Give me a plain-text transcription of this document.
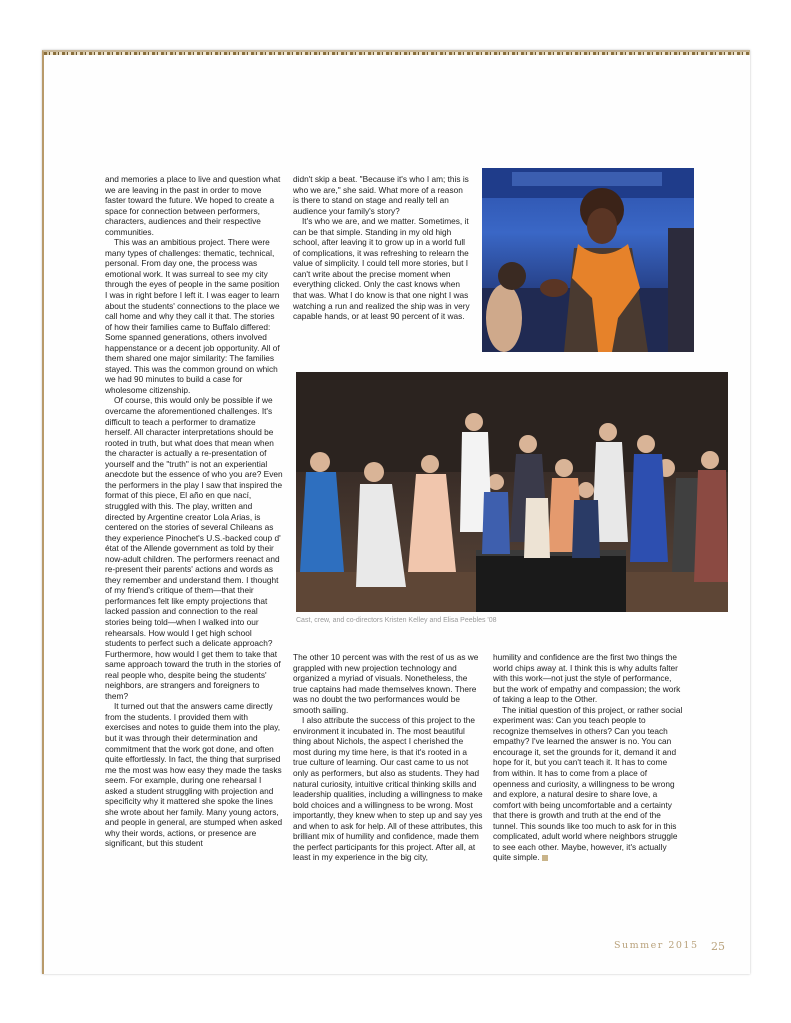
and memories a place to live and question what we are leaving in the past in order to move faster toward the future. We hoped to create a space for connection between performers, characters, audiences and their respective communities.

This was an ambitious project. There were many types of challenges: thematic, technical, personal. From day one, the process was emotional work. It was surreal to see my city through the eyes of people in the same position I was in right before I left it. I was eager to learn about the students' connections to the place we call home and why they call it that. The stories of how their families came to Buffalo differed: Some spanned generations, others involved happenstance or a decent job opportunity. All of them shared one major similarity: The families stayed. This was the common ground on which we had 90 minutes to build a case for wholesome citizenship.

Of course, this would only be possible if we overcame the aforementioned challenges. It's difficult to teach a performer to dramatize herself. All character interpretations should be rooted in truth, but what does that mean when the character is actually a re-presentation of yourself and the "truth" is not an experiential anecdote but the essence of who you are? Even the performers in the play I saw that inspired the format of this piece, El año en que nací, struggled with this. The play, written and directed by Argentine creator Lola Arias, is centered on the stories of several Chileans as they experience Pinochet's U.S.-backed coup d' état of the Allende government as told by their now-adult children. The performers reenact and re-present their parents' actions and words as they remember and understand them. I thought of my friend's critique of them—that their performances felt like empty projections that lacked passion and connection to the real stories being told—when I walked into our rehearsals. How would I get high school students to perfect such a delicate approach? Furthermore, how would I get them to take that same approach toward the truth in the stories of real people who, despite being the students' neighbors, are strangers and foreigners to them?

It turned out that the answers came directly from the students. I provided them with exercises and notes to guide them into the play, but it was through their determination and commitment that the work got done, and often quite effortlessly. In fact, the thing that surprised me the most was how easy they made the tasks seem. For example, during one rehearsal I asked a student struggling with projection and specificity why it mattered she spoke the lines she wrote about her family. Many young actors, and people in general, are stumped when asked why their words, actions, or presence are significant, but this student

didn't skip a beat. "Because it's who I am; this is who we are," she said. What more of a reason is there to stand on stage and really tell an audience your family's story?

It's who we are, and we matter. Sometimes, it can be that simple. Standing in my old high school, after leaving it to grow up in a world full of complications, it was refreshing to relearn the value of simplicity. I could tell more stories, but I can't write about the precise moment when everything clicked. Only the cast knows when that was. What I do know is that one night I was watching a run and realized the ship was in very capable hands, or at least 90 percent of it was.

Cast, crew, and co-directors Kristen Kelley and Elisa Peebles '08

The other 10 percent was with the rest of us as we grappled with new projection technology and organized a myriad of visuals. Nonetheless, the true captains had made themselves known. There was no doubt the two performances would be smooth sailing.

I also attribute the success of this project to the environment it incubated in. The most beautiful thing about Nichols, the aspect I cherished the most during my time here, is that it's rooted in a true culture of learning. Our cast came to us not only as performers, but also as students. They had natural curiosity, intuitive critical thinking skills and leadership qualities, including a willingness to make bold choices and a willingness to be wrong. Most importantly, they knew when to step up and say yes and when to ask for help. All of these attributes, this brilliant mix of humility and confidence, made them the perfect participants for this project. After all, at least in my experience in the big city,

humility and confidence are the first two things the world chips away at. I think this is why adults falter with this work—not just the style of performance, but the work of empathy and compassion; the work of taking a leap to the Other.

The initial question of this project, or rather social experiment was: Can you teach people to recognize themselves in others? Can you teach empathy? I've learned the answer is no. You can encourage it, set the grounds for it, demand it and hope for it, but you can't teach it. It has to come from within. It has to come from a place of openness and curiosity, a willingness to be wrong and explore, a natural desire to share love, a comfort with being uncomfortable and a certainty that there is growth and truth at the end of the tunnel. This sounds like too much to ask for in this complicated, adult world where neighbors struggle to see each other. Maybe, however, it's actually quite simple.

Summer 2015 25
